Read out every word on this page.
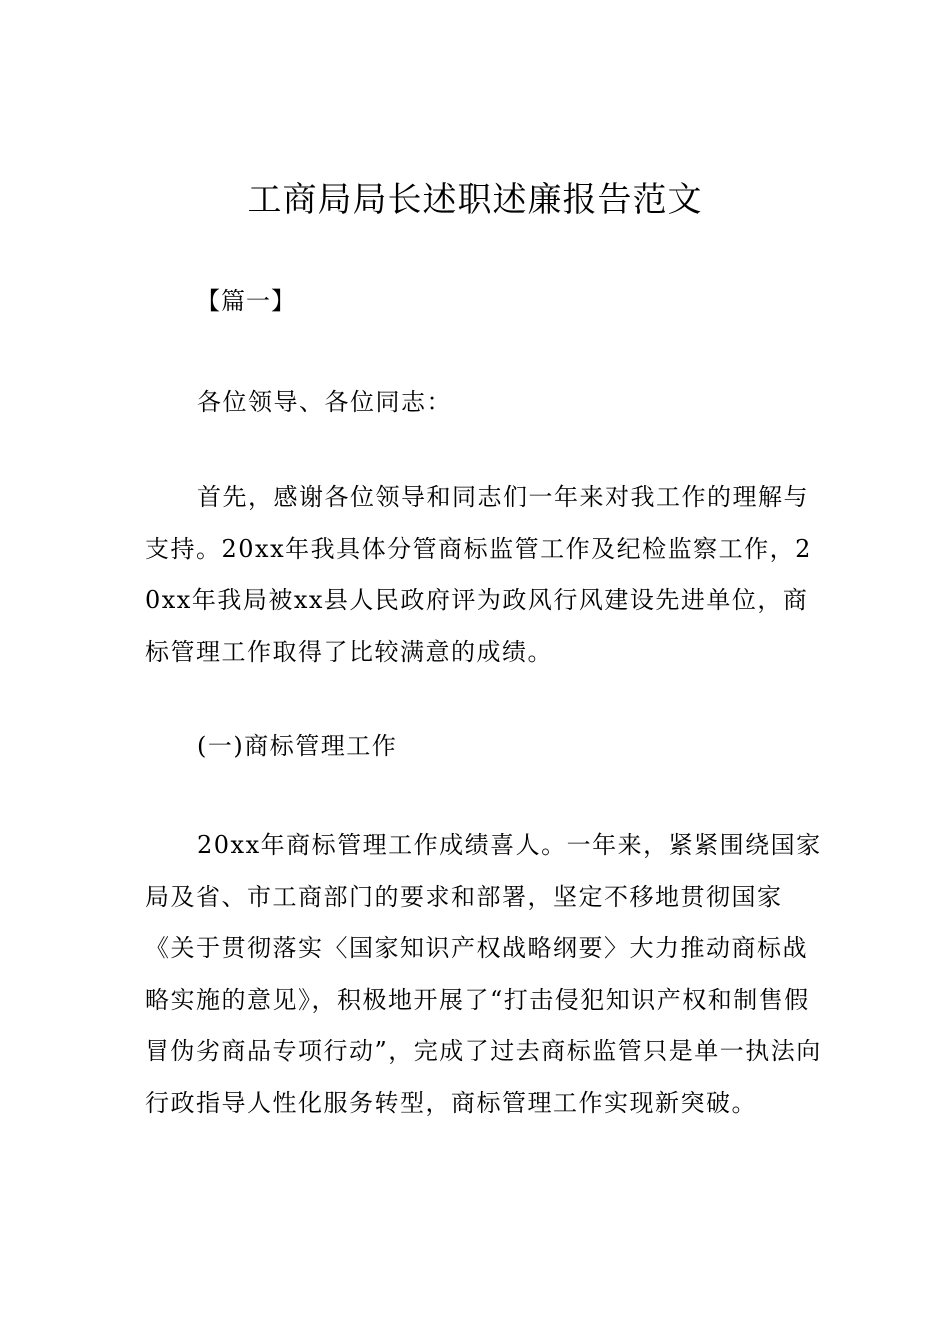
工商局局长述职述廉报告范文
【篇一】
各位领导、各位同志：
首先，感谢各位领导和同志们一年来对我工作的理解与支持。20xx年我具体分管商标监管工作及纪检监察工作，20xx年我局被xx县人民政府评为政风行风建设先进单位，商标管理工作取得了比较满意的成绩。
(一)商标管理工作
20xx年商标管理工作成绩喜人。一年来，紧紧围绕国家局及省、市工商部门的要求和部署，坚定不移地贯彻国家《关于贯彻落实〈国家知识产权战略纲要〉大力推动商标战略实施的意见》，积极地开展了“打击侵犯知识产权和制售假冒伪劣商品专项行动”，完成了过去商标监管只是单一执法向行政指导人性化服务转型，商标管理工作实现新突破。
